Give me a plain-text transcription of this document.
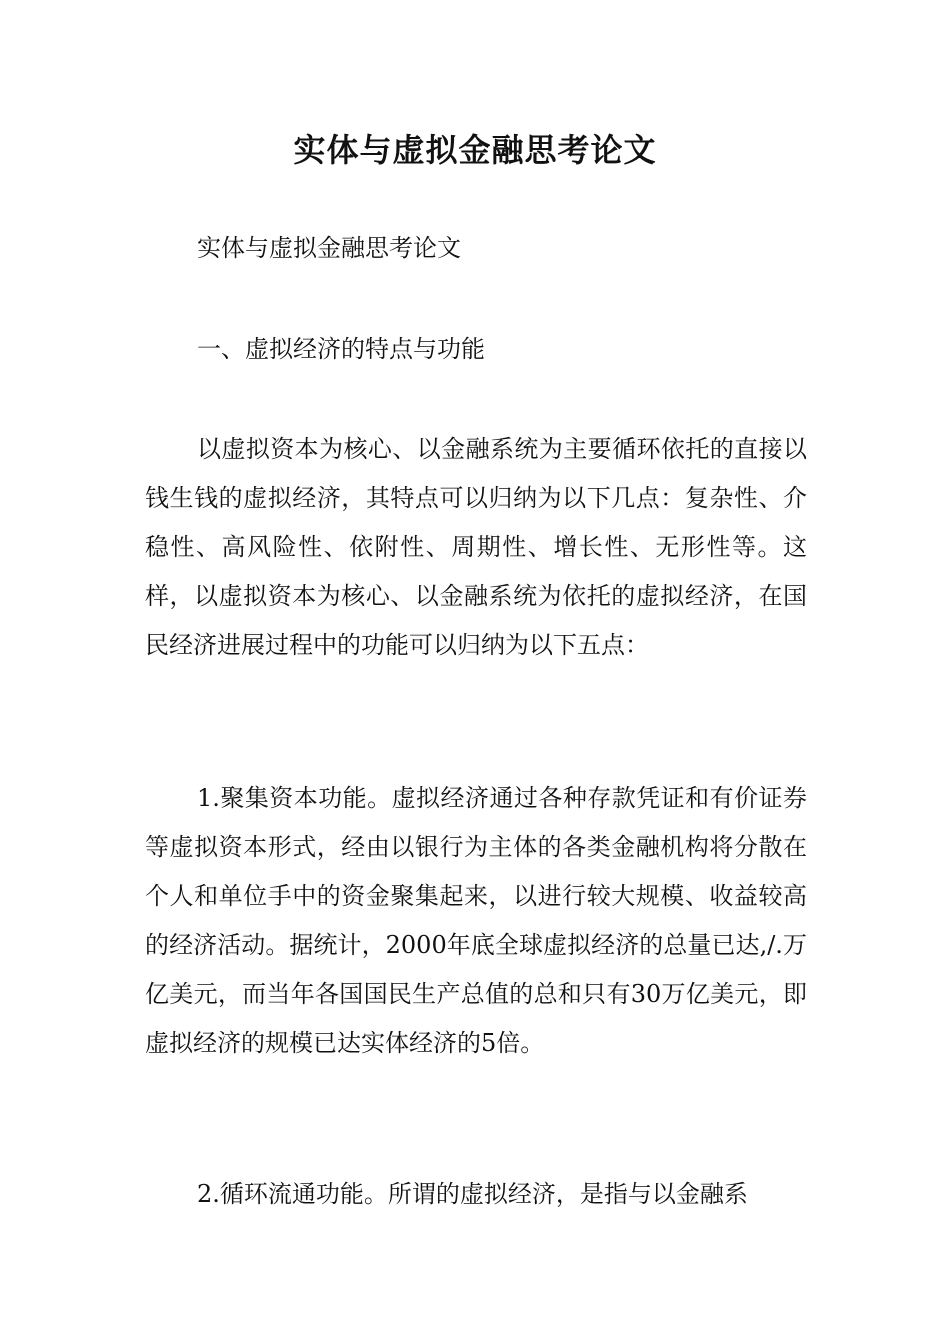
实体与虚拟金融思考论文
实体与虚拟金融思考论文
一、虚拟经济的特点与功能
以虚拟资本为核心、以金融系统为主要循环依托的直接以钱生钱的虚拟经济，其特点可以归纳为以下几点：复杂性、介稳性、高风险性、依附性、周期性、增长性、无形性等。这样，以虚拟资本为核心、以金融系统为依托的虚拟经济，在国民经济进展过程中的功能可以归纳为以下五点：
1.聚集资本功能。虚拟经济通过各种存款凭证和有价证券等虚拟资本形式，经由以银行为主体的各类金融机构将分散在个人和单位手中的资金聚集起来，以进行较大规模、收益较高的经济活动。据统计，2000年底全球虚拟经济的总量已达,/.万亿美元，而当年各国国民生产总值的总和只有30万亿美元，即虚拟经济的规模已达实体经济的5倍。
2.循环流通功能。所谓的虚拟经济，是指与以金融系
